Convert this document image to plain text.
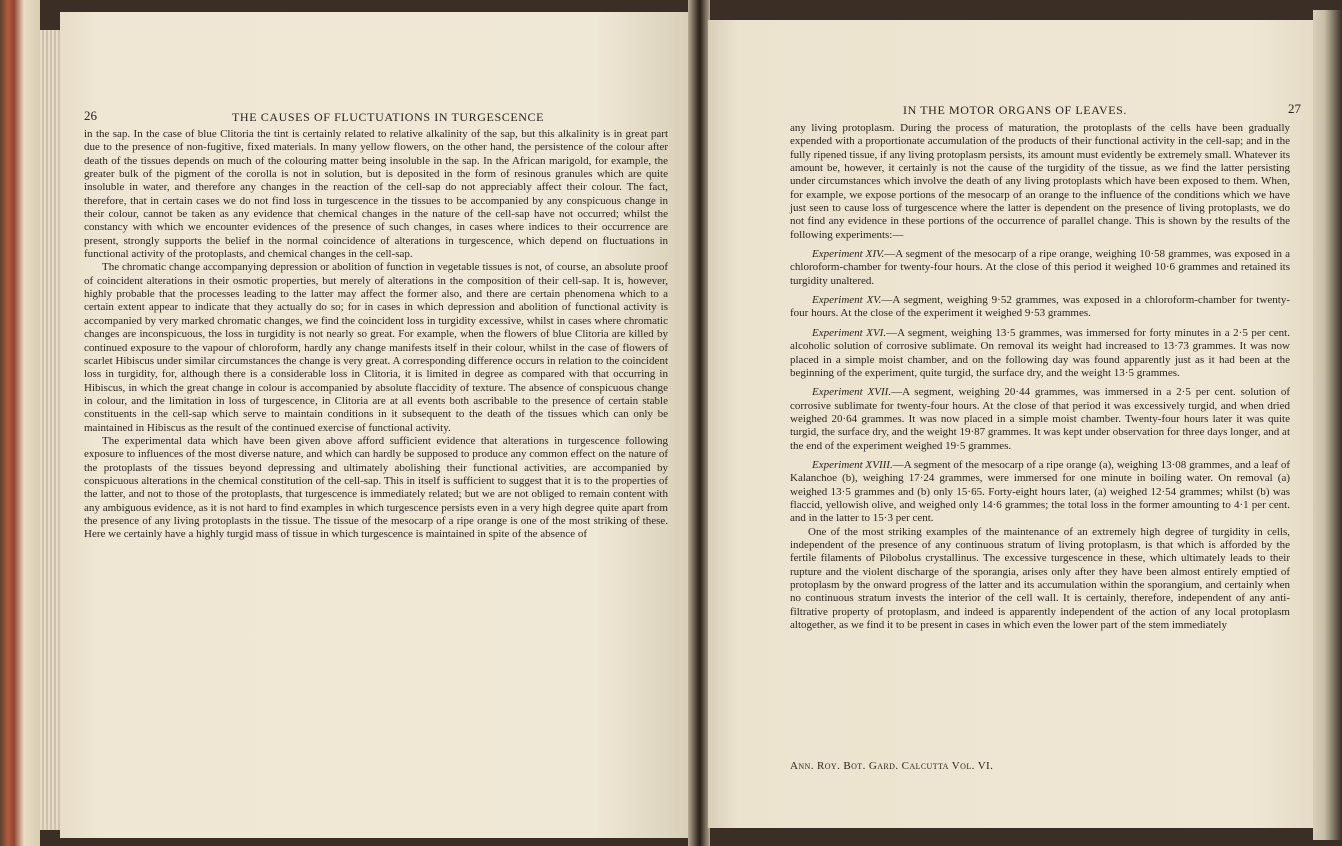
26	THE CAUSES OF FLUCTUATIONS IN TURGESCENCE

in the sap. In the case of blue Clitoria the tint is certainly related to relative alkalinity of the sap, but this alkalinity is in great part due to the presence of non-fugitive, fixed materials. In many yellow flowers, on the other hand, the persistence of the colour after death of the tissues depends on much of the colouring matter being insoluble in the sap. In the African marigold, for example, the greater bulk of the pigment of the corolla is not in solution, but is deposited in the form of resinous granules which are quite insoluble in water, and therefore any changes in the reaction of the cell-sap do not appreciably affect their colour. The fact, therefore, that in certain cases we do not find loss in turgescence in the tissues to be accompanied by any conspicuous change in their colour, cannot be taken as any evidence that chemical changes in the nature of the cell-sap have not occurred; whilst the constancy with which we encounter evidences of the presence of such changes, in cases where indices to their occurrence are present, strongly supports the belief in the normal coincidence of alterations in turgescence, which depend on fluctuations in functional activity of the protoplasts, and chemical changes in the cell-sap.

The chromatic change accompanying depression or abolition of function in vegetable tissues is not, of course, an absolute proof of coincident alterations in their osmotic properties, but merely of alterations in the composition of their cell-sap. It is, however, highly probable that the processes leading to the latter may affect the former also, and there are certain phenomena which to a certain extent appear to indicate that they actually do so; for in cases in which depression and abolition of functional activity is accompanied by very marked chromatic changes, we find the coincident loss in turgidity excessive, whilst in cases where chromatic changes are inconspicuous, the loss in turgidity is not nearly so great. For example, when the flowers of blue Clitoria are killed by continued exposure to the vapour of chloroform, hardly any change manifests itself in their colour, whilst in the case of flowers of scarlet Hibiscus under similar circumstances the change is very great. A corresponding difference occurs in relation to the coincident loss in turgidity, for, although there is a considerable loss in Clitoria, it is limited in degree as compared with that occurring in Hibiscus, in which the great change in colour is accompanied by absolute flaccidity of texture. The absence of conspicuous change in colour, and the limitation in loss of turgescence, in Clitoria are at all events both ascribable to the presence of certain stable constituents in the cell-sap which serve to maintain conditions in it subsequent to the death of the tissues which can only be maintained in Hibiscus as the result of the continued exercise of functional activity.

The experimental data which have been given above afford sufficient evidence that alterations in turgescence following exposure to influences of the most diverse nature, and which can hardly be supposed to produce any common effect on the nature of the protoplasts of the tissues beyond depressing and ultimately abolishing their functional activities, are accompanied by conspicuous alterations in the chemical constitution of the cell-sap. This in itself is sufficient to suggest that it is to the properties of the latter, and not to those of the protoplasts, that turgescence is immediately related; but we are not obliged to remain content with any ambiguous evidence, as it is not hard to find examples in which turgescence persists even in a very high degree quite apart from the presence of any living protoplasts in the tissue. The tissue of the mesocarp of a ripe orange is one of the most striking of these. Here we certainly have a highly turgid mass of tissue in which turgescence is maintained in spite of the absence of

IN THE MOTOR ORGANS OF LEAVES.	27

any living protoplasm. During the process of maturation, the protoplasts of the cells have been gradually expended with a proportionate accumulation of the products of their functional activity in the cell-sap; and in the fully ripened tissue, if any living protoplasm persists, its amount must evidently be extremely small. Whatever its amount be, however, it certainly is not the cause of the turgidity of the tissue, as we find the latter persisting under circumstances which involve the death of any living protoplasts which have been exposed to them. When, for example, we expose portions of the mesocarp of an orange to the influence of the conditions which we have just seen to cause loss of turgescence where the latter is dependent on the presence of living protoplasts, we do not find any evidence in these portions of the occurrence of parallel change. This is shown by the results of the following experiments:—

Experiment XIV.—A segment of the mesocarp of a ripe orange, weighing 10·58 grammes, was exposed in a chloroform-chamber for twenty-four hours. At the close of this period it weighed 10·6 grammes and retained its turgidity unaltered.

Experiment XV.—A segment, weighing 9·52 grammes, was exposed in a chloroform-chamber for twenty-four hours. At the close of the experiment it weighed 9·53 grammes.

Experiment XVI.—A segment, weighing 13·5 grammes, was immersed for forty minutes in a 2·5 per cent. alcoholic solution of corrosive sublimate. On removal its weight had increased to 13·73 grammes. It was now placed in a simple moist chamber, and on the following day was found apparently just as it had been at the beginning of the experiment, quite turgid, the surface dry, and the weight 13·5 grammes.

Experiment XVII.—A segment, weighing 20·44 grammes, was immersed in a 2·5 per cent. solution of corrosive sublimate for twenty-four hours. At the close of that period it was excessively turgid, and when dried weighed 20·64 grammes. It was now placed in a simple moist chamber. Twenty-four hours later it was quite turgid, the surface dry, and the weight 19·87 grammes. It was kept under observation for three days longer, and at the end of the experiment weighed 19·5 grammes.

Experiment XVIII.—A segment of the mesocarp of a ripe orange (a), weighing 13·08 grammes, and a leaf of Kalanchoe (b), weighing 17·24 grammes, were immersed for one minute in boiling water. On removal (a) weighed 13·5 grammes and (b) only 15·65. Forty-eight hours later, (a) weighed 12·54 grammes; whilst (b) was flaccid, yellowish olive, and weighed only 14·6 grammes; the total loss in the former amounting to 4·1 per cent. and in the latter to 15·3 per cent.

One of the most striking examples of the maintenance of an extremely high degree of turgidity in cells, independent of the presence of any continuous stratum of living protoplasm, is that which is afforded by the fertile filaments of Pilobolus crystallinus. The excessive turgescence in these, which ultimately leads to their rupture and the violent discharge of the sporangia, arises only after they have been almost entirely emptied of protoplasm by the onward progress of the latter and its accumulation within the sporangium, and certainly when no continuous stratum invests the interior of the cell wall. It is certainly, therefore, independent of any anti-filtrative property of protoplasm, and indeed is apparently independent of the action of any local protoplasm altogether, as we find it to be present in cases in which even the lower part of the stem immediately

Ann. Roy. Bot. Gard. Calcutta Vol. VI.
